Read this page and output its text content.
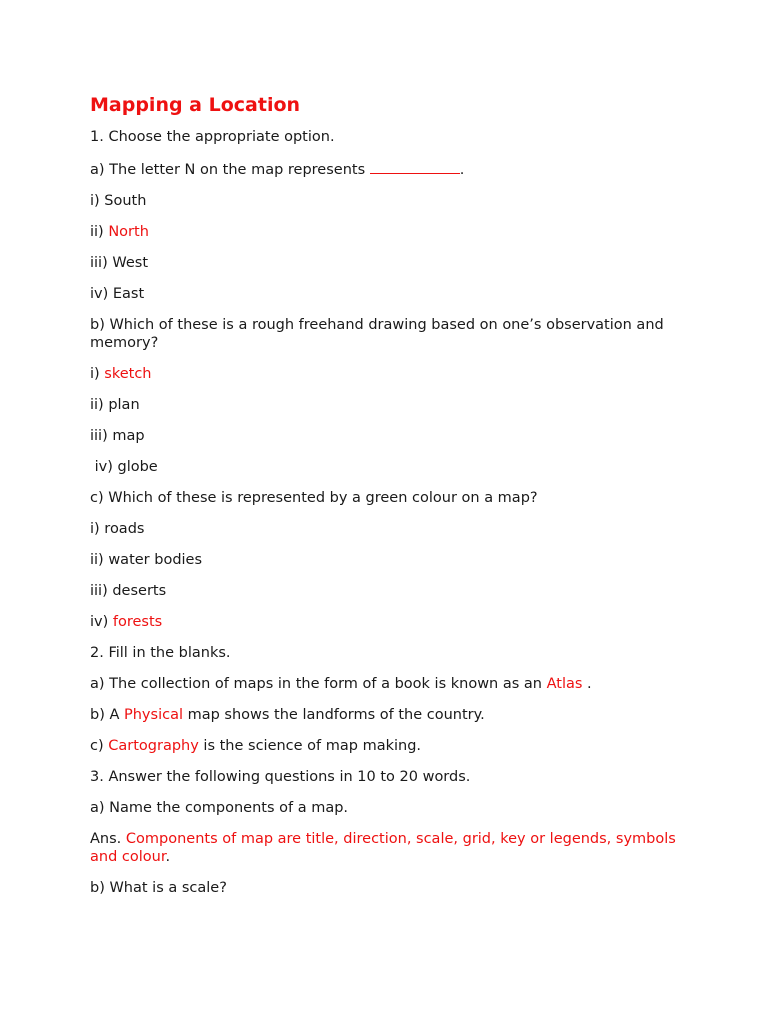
Mapping a Location
1. Choose the appropriate option.
a) The letter N on the map represents	.
i) South
ii) North
iii) West
iv) East
b) Which of these is a rough freehand drawing based on one’s observation and memory?
i) sketch
ii) plan
iii) map
iv) globe
c) Which of these is represented by a green colour on a map?
i) roads
ii) water bodies
iii) deserts
iv) forests
2. Fill in the blanks.
a) The collection of maps in the form of a book is known as an Atlas .
b) A Physical map shows the landforms of the country.
c) Cartography is the science of map making.
3. Answer the following questions in 10 to 20 words.
a) Name the components of a map.
Ans. Components of map are title, direction, scale, grid, key or legends, symbols and colour.
b) What is a scale?
